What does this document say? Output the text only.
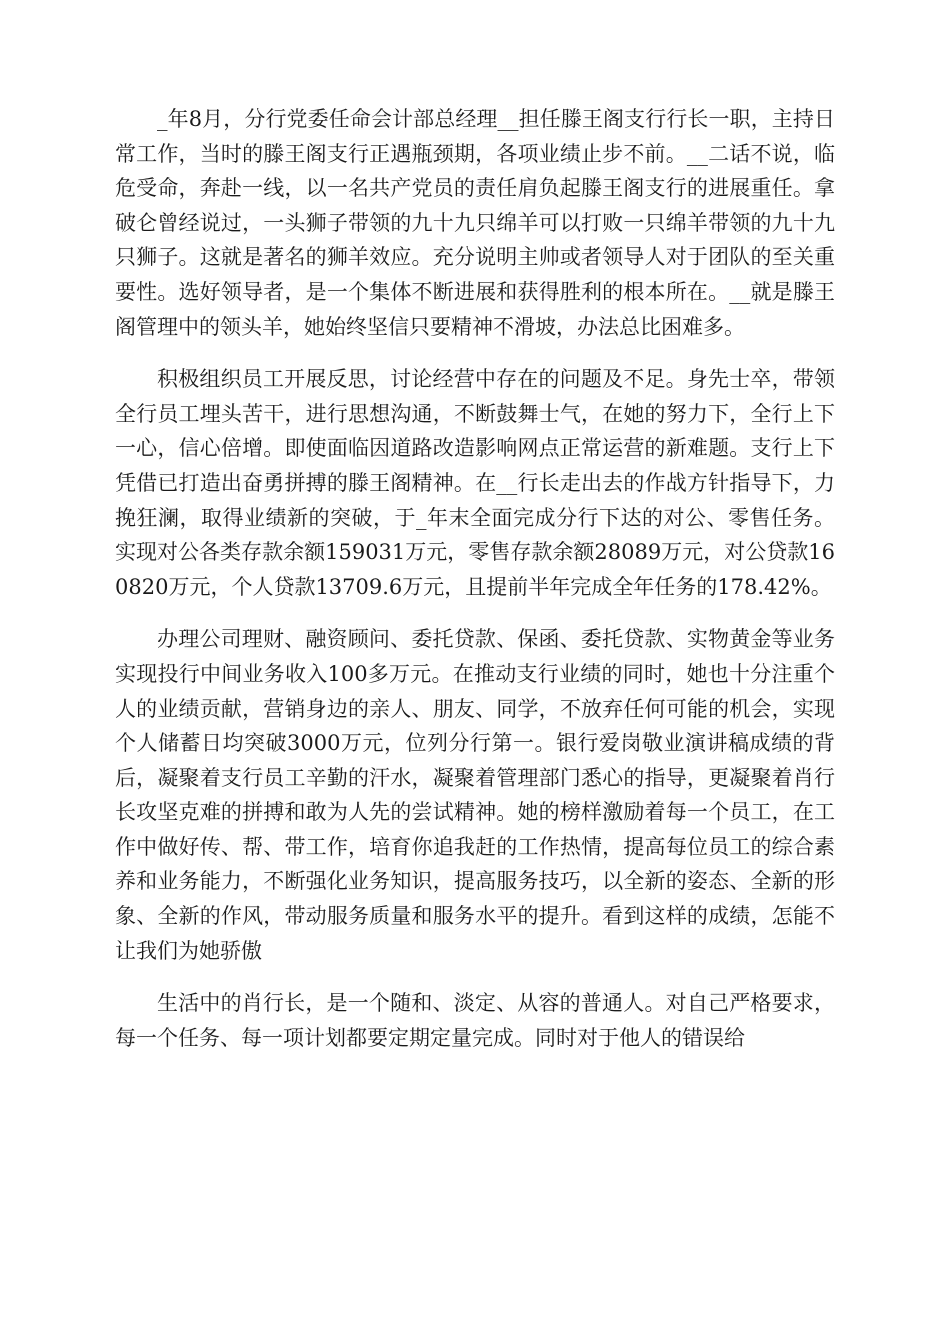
_年8月，分行党委任命会计部总经理__担任滕王阁支行行长一职，主持日常工作，当时的滕王阁支行正遇瓶颈期，各项业绩止步不前。__二话不说，临危受命，奔赴一线，以一名共产党员的责任肩负起滕王阁支行的进展重任。拿破仑曾经说过，一头狮子带领的九十九只绵羊可以打败一只绵羊带领的九十九只狮子。这就是著名的狮羊效应。充分说明主帅或者领导人对于团队的至关重要性。选好领导者，是一个集体不断进展和获得胜利的根本所在。__就是滕王阁管理中的领头羊，她始终坚信只要精神不滑坡，办法总比困难多。

积极组织员工开展反思，讨论经营中存在的问题及不足。身先士卒，带领全行员工埋头苦干，进行思想沟通，不断鼓舞士气，在她的努力下，全行上下一心，信心倍增。即使面临因道路改造影响网点正常运营的新难题。支行上下凭借已打造出奋勇拼搏的滕王阁精神。在__行长走出去的作战方针指导下，力挽狂澜，取得业绩新的突破，于_年末全面完成分行下达的对公、零售任务。实现对公各类存款余额159031万元，零售存款余额28089万元，对公贷款160820万元，个人贷款13709.6万元，且提前半年完成全年任务的178.42%。

办理公司理财、融资顾问、委托贷款、保函、委托贷款、实物黄金等业务实现投行中间业务收入100多万元。在推动支行业绩的同时，她也十分注重个人的业绩贡献，营销身边的亲人、朋友、同学，不放弃任何可能的机会，实现个人储蓄日均突破3000万元，位列分行第一。银行爱岗敬业演讲稿成绩的背后，凝聚着支行员工辛勤的汗水，凝聚着管理部门悉心的指导，更凝聚着肖行长攻坚克难的拼搏和敢为人先的尝试精神。她的榜样激励着每一个员工，在工作中做好传、帮、带工作，培育你追我赶的工作热情，提高每位员工的综合素养和业务能力，不断强化业务知识，提高服务技巧，以全新的姿态、全新的形象、全新的作风，带动服务质量和服务水平的提升。看到这样的成绩，怎能不让我们为她骄傲

生活中的肖行长，是一个随和、淡定、从容的普通人。对自己严格要求，每一个任务、每一项计划都要定期定量完成。同时对于他人的错误给
